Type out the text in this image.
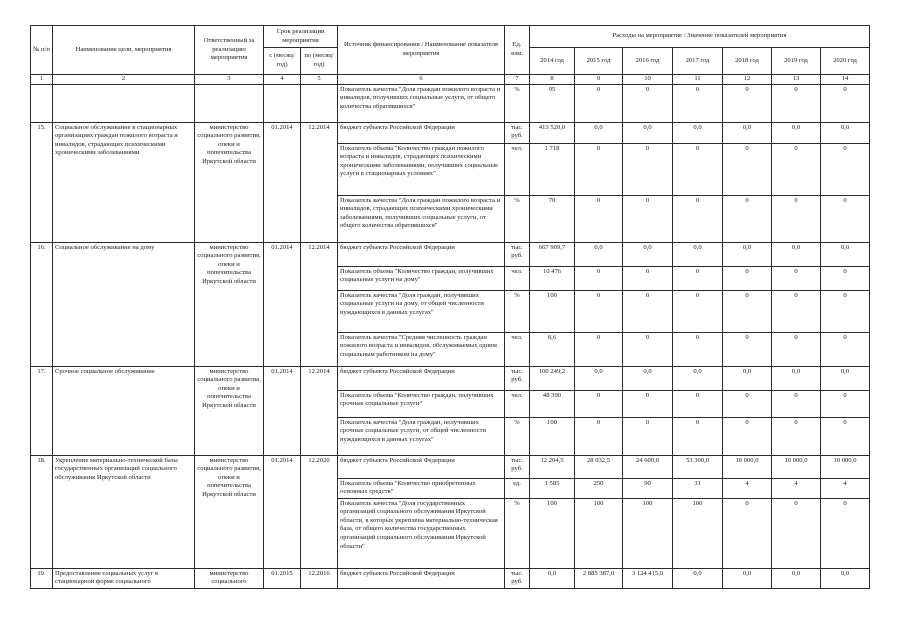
№ п/п	Наименование цели, мероприятия	Ответственный за реализацию мероприятия	Срок реализации мероприятия		Источник финансирования / Наименование показателя мероприятия	Ед. изм.	Расходы на мероприятие / Значение показателей мероприятия						
			с (месяц/год)	по (месяц/год)			2014 год	2015 год	2016 год	2017 год	2018 год	2019 год	2020 год
1	2	3	4	5	6	7	8	9	10	11	12	13	14
					Показатель качества "Доля граждан пожилого возраста и инвалидов, получивших социальные услуги, от общего количества обратившихся"	%	95	0	0	0	0	0	0
15.	Социальное обслуживание в стационарных организациях граждан пожилого возраста и инвалидов, страдающих психическими хроническими заболеваниями	министерство социального развития, опеки и попечительства Иркутской области	01.2014	12.2014	бюджет субъекта Российской Федерации	тыс. руб.	413 520,0	0,0	0,0	0,0	0,0	0,0	0,0
					Показатель объема "Количество граждан пожилого возраста и инвалидов, страдающих психическими хроническими заболеваниями, получивших социальные услуги в стационарных условиях"	чел.	1 718	0	0	0	0	0	0
					Показатель качества "Доля граждан пожилого возраста и инвалидов, страдающих психическими хроническими заболеваниями, получивших социальные услуги, от общего количества обратившихся"	%	70	0	0	0	0	0	0
16.	Социальное обслуживание на дому	министерство социального развития, опеки и попечительства Иркутской области	01.2014	12.2014	бюджет субъекта Российской Федерации	тыс. руб.	667 909,7	0,0	0,0	0,0	0,0	0,0	0,0
					Показатель объема "Количество граждан, получивших социальные услуги на дому"	чел.	10 476	0	0	0	0	0	0
					Показатель качества "Доля граждан, получивших социальные услуги на дому, от общей численности нуждающихся в данных услугах"	%	100	0	0	0	0	0	0
					Показатель качества "Средняя численность граждан пожилого возраста и инвалидов, обслуживаемых одним социальным работником на дому"	чел.	8,6	0	0	0	0	0	0
17.	Срочное социальное обслуживание	министерство социального развития, опеки и попечительства Иркутской области	01.2014	12.2014	бюджет субъекта Российской Федерации	тыс. руб.	100 249,2	0,0	0,0	0,0	0,0	0,0	0,0
					Показатель объема "Количество граждан, получивших срочные социальные услуги"	чел.	48 390	0	0	0	0	0	0
					Показатель качества "Доля граждан, получивших срочные социальные услуги, от общей численности нуждающихся в данных услугах"	%	100	0	0	0	0	0	0
18.	Укрепление материально-технической базы государственных организаций социального обслуживания Иркутской области	министерство социального развития, опеки и попечительства Иркутской области	01.2014	12.2020	бюджет субъекта Российской Федерации	тыс. руб.	12 204,5	28 032,5	24 600,0	53 300,0	10 000,0	10 000,0	10 000,0
					Показатель объема "Количество приобретенных основных средств"	ед.	1 585	250	90	31	4	4	4
					Показатель качества "Доля государственных организаций социального обслуживания Иркутской области, в которых укреплена материально-техническая база, от общего количества государственных организаций социального обслуживания Иркутской области"	%	100	100	100	100	0	0	0
19.	Предоставление социальных услуг в стационарной форме социального	министерство социального	01.2015	12.2016	бюджет субъекта Российской Федерации	тыс. руб.	0,0	2 885 387,0	3 124 415,0	0,0	0,0	0,0	0,0
